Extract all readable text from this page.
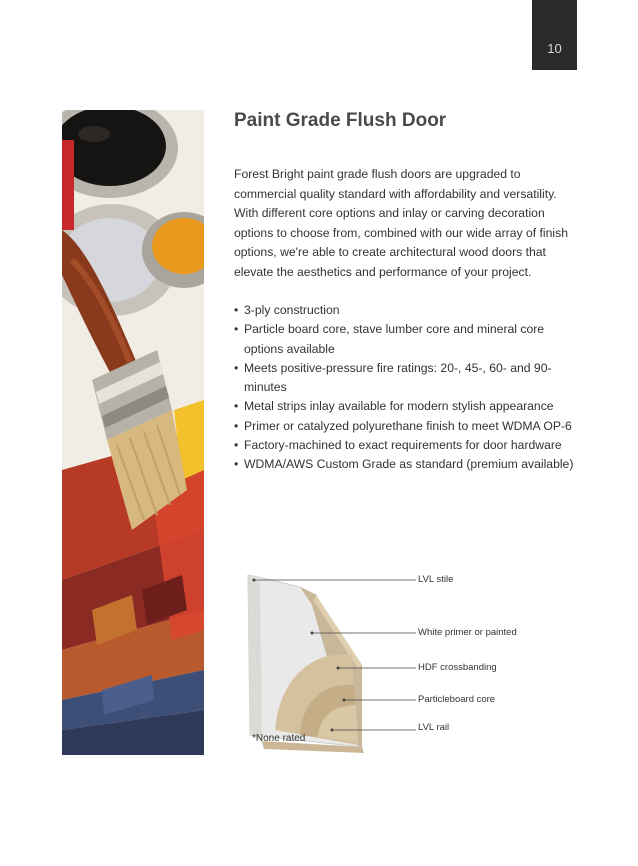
10
Paint Grade Flush Door

Forest Bright paint grade flush doors are upgraded to commercial quality standard with affordability and versatility. With different core options and inlay or carving decoration options to choose from, combined with our wide array of finish options, we're able to create architectural wood doors that elevate the aesthetics and performance of your project.

• 3-ply construction
• Particle board core, stave lumber core and mineral core options available
• Meets positive-pressure fire ratings: 20-, 45-, 60- and 90-minutes
• Metal strips inlay available for modern stylish appearance
• Primer or catalyzed polyurethane finish to meet WDMA OP-6
• Factory-machined to exact requirements for door hardware
• WDMA/AWS Custom Grade as standard (premium available)
LVL stile
White primer or painted
HDF crossbanding
Particleboard core
LVL rail
*None rated
